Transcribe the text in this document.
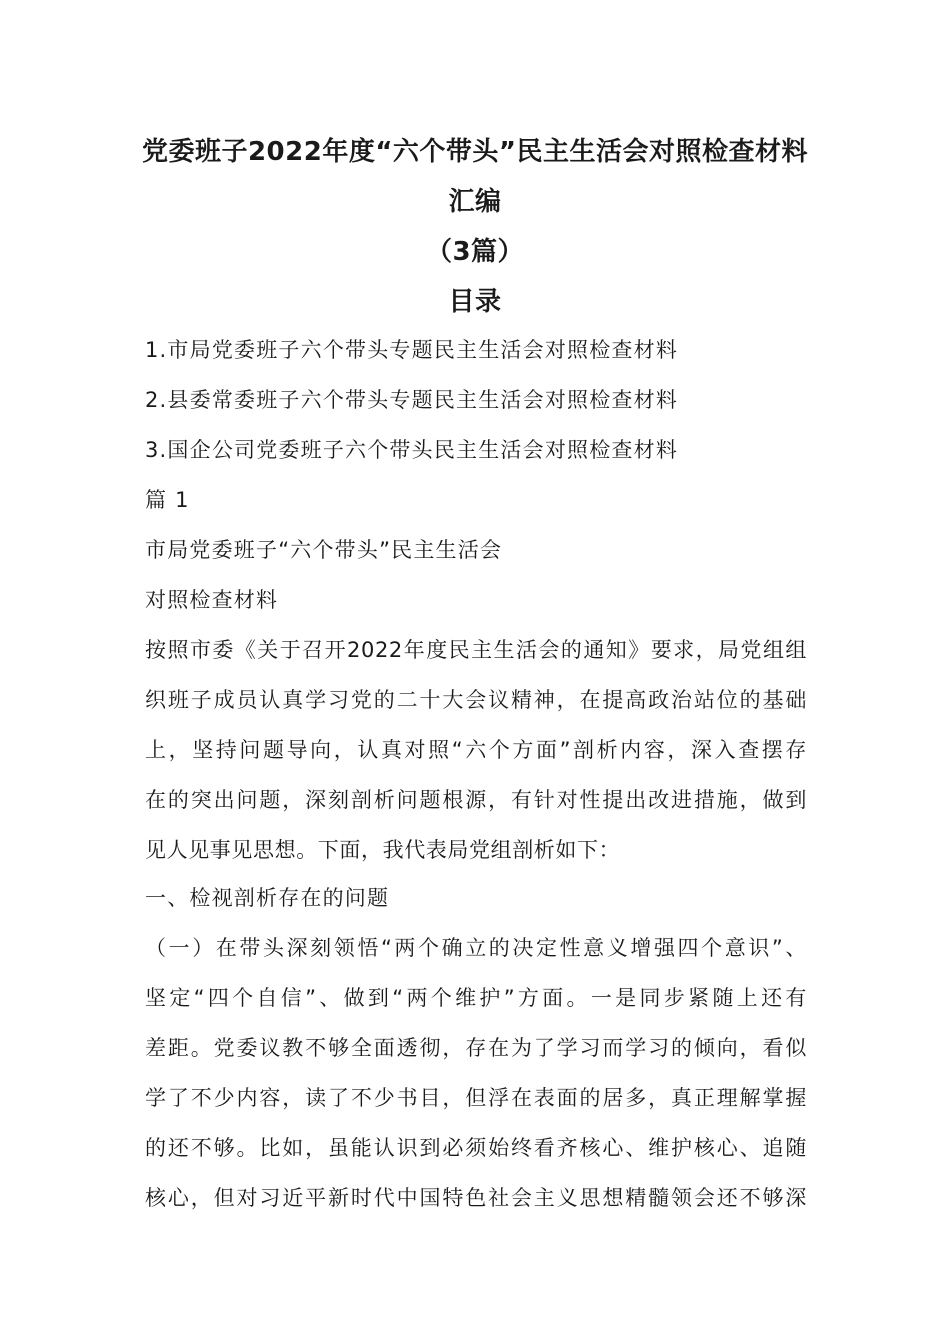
党委班子2022年度“六个带头”民主生活会对照检查材料
汇编
（3篇）
目录
1.市局党委班子六个带头专题民主生活会对照检查材料
2.县委常委班子六个带头专题民主生活会对照检查材料
3.国企公司党委班子六个带头民主生活会对照检查材料
篇 1
市局党委班子“六个带头”民主生活会
对照检查材料
按照市委《关于召开2022年度民主生活会的通知》要求，局党组组
织班子成员认真学习党的二十大会议精神，在提高政治站位的基础
上，坚持问题导向，认真对照“六个方面”剖析内容，深入查摆存
在的突出问题，深刻剖析问题根源，有针对性提出改进措施，做到
见人见事见思想。下面，我代表局党组剖析如下：
一、检视剖析存在的问题
（一）在带头深刻领悟“两个确立的决定性意义增强四个意识”、
坚定“四个自信”、做到“两个维护”方面。一是同步紧随上还有
差距。党委议教不够全面透彻，存在为了学习而学习的倾向，看似
学了不少内容，读了不少书目，但浮在表面的居多，真正理解掌握
的还不够。比如，虽能认识到必须始终看齐核心、维护核心、追随
核心，但对习近平新时代中国特色社会主义思想精髓领会还不够深
